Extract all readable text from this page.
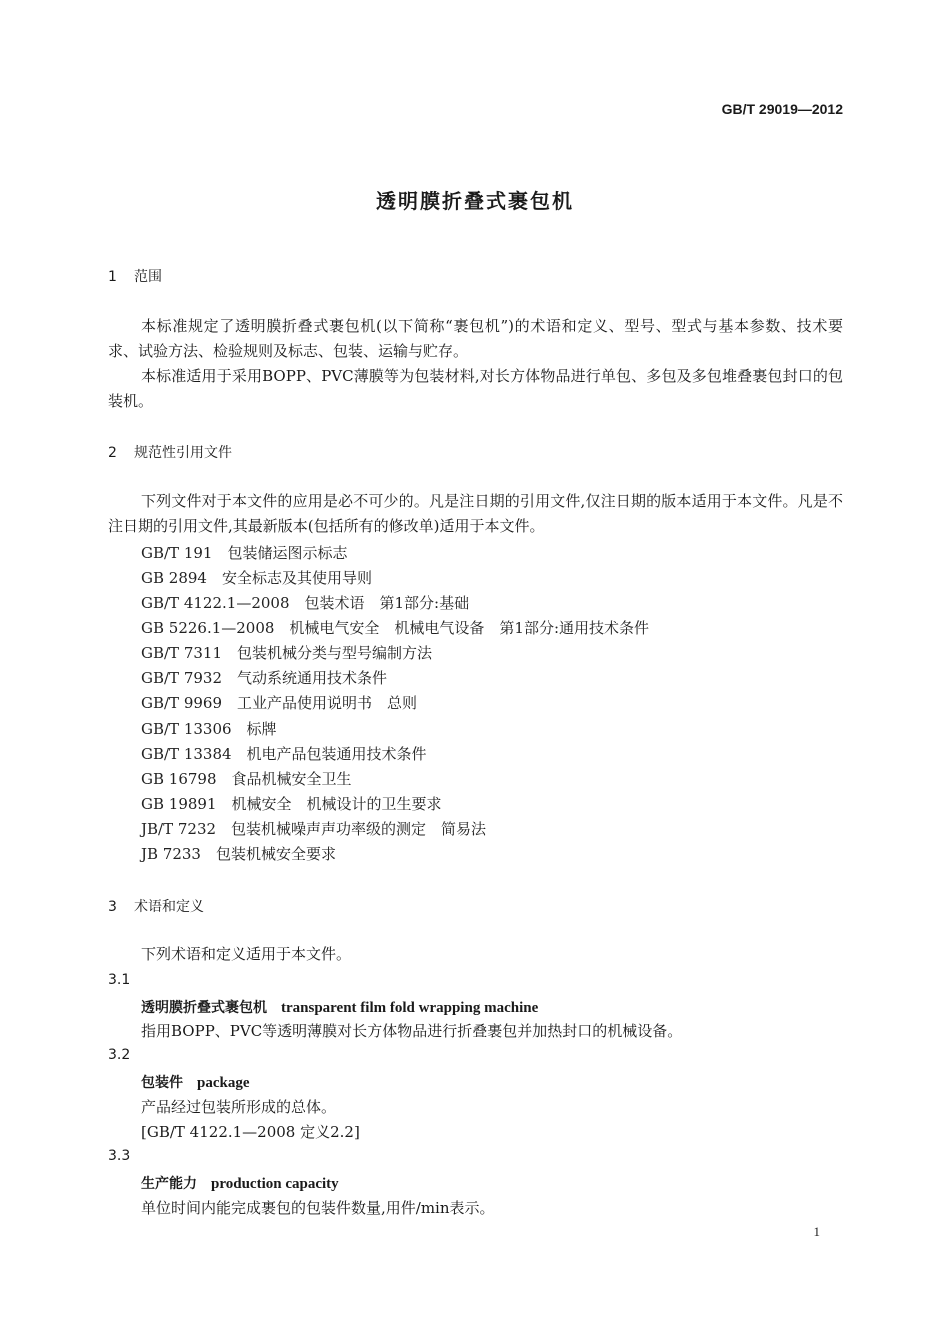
GB/T 29019—2012
透明膜折叠式裹包机
1 范围
本标准规定了透明膜折叠式裹包机(以下简称“裹包机”)的术语和定义、型号、型式与基本参数、技术要求、试验方法、检验规则及标志、包装、运输与贮存。
本标准适用于采用BOPP、PVC薄膜等为包装材料,对长方体物品进行单包、多包及多包堆叠裹包封口的包装机。
2 规范性引用文件
下列文件对于本文件的应用是必不可少的。凡是注日期的引用文件,仅注日期的版本适用于本文件。凡是不注日期的引用文件,其最新版本(包括所有的修改单)适用于本文件。
GB/T 191　包装储运图示标志
GB 2894　安全标志及其使用导则
GB/T 4122.1—2008　包装术语　第1部分:基础
GB 5226.1—2008　机械电气安全　机械电气设备　第1部分:通用技术条件
GB/T 7311　包装机械分类与型号编制方法
GB/T 7932　气动系统通用技术条件
GB/T 9969　工业产品使用说明书　总则
GB/T 13306　标牌
GB/T 13384　机电产品包装通用技术条件
GB 16798　食品机械安全卫生
GB 19891　机械安全　机械设计的卫生要求
JB/T 7232　包装机械噪声声功率级的测定　简易法
JB 7233　包装机械安全要求
3 术语和定义
下列术语和定义适用于本文件。
3.1
透明膜折叠式裹包机 transparent film fold wrapping machine
指用BOPP、PVC等透明薄膜对长方体物品进行折叠裹包并加热封口的机械设备。
3.2
包装件 package
产品经过包装所形成的总体。
[GB/T 4122.1—2008 定义2.2]
3.3
生产能力 production capacity
单位时间内能完成裹包的包装件数量,用件/min表示。
1
